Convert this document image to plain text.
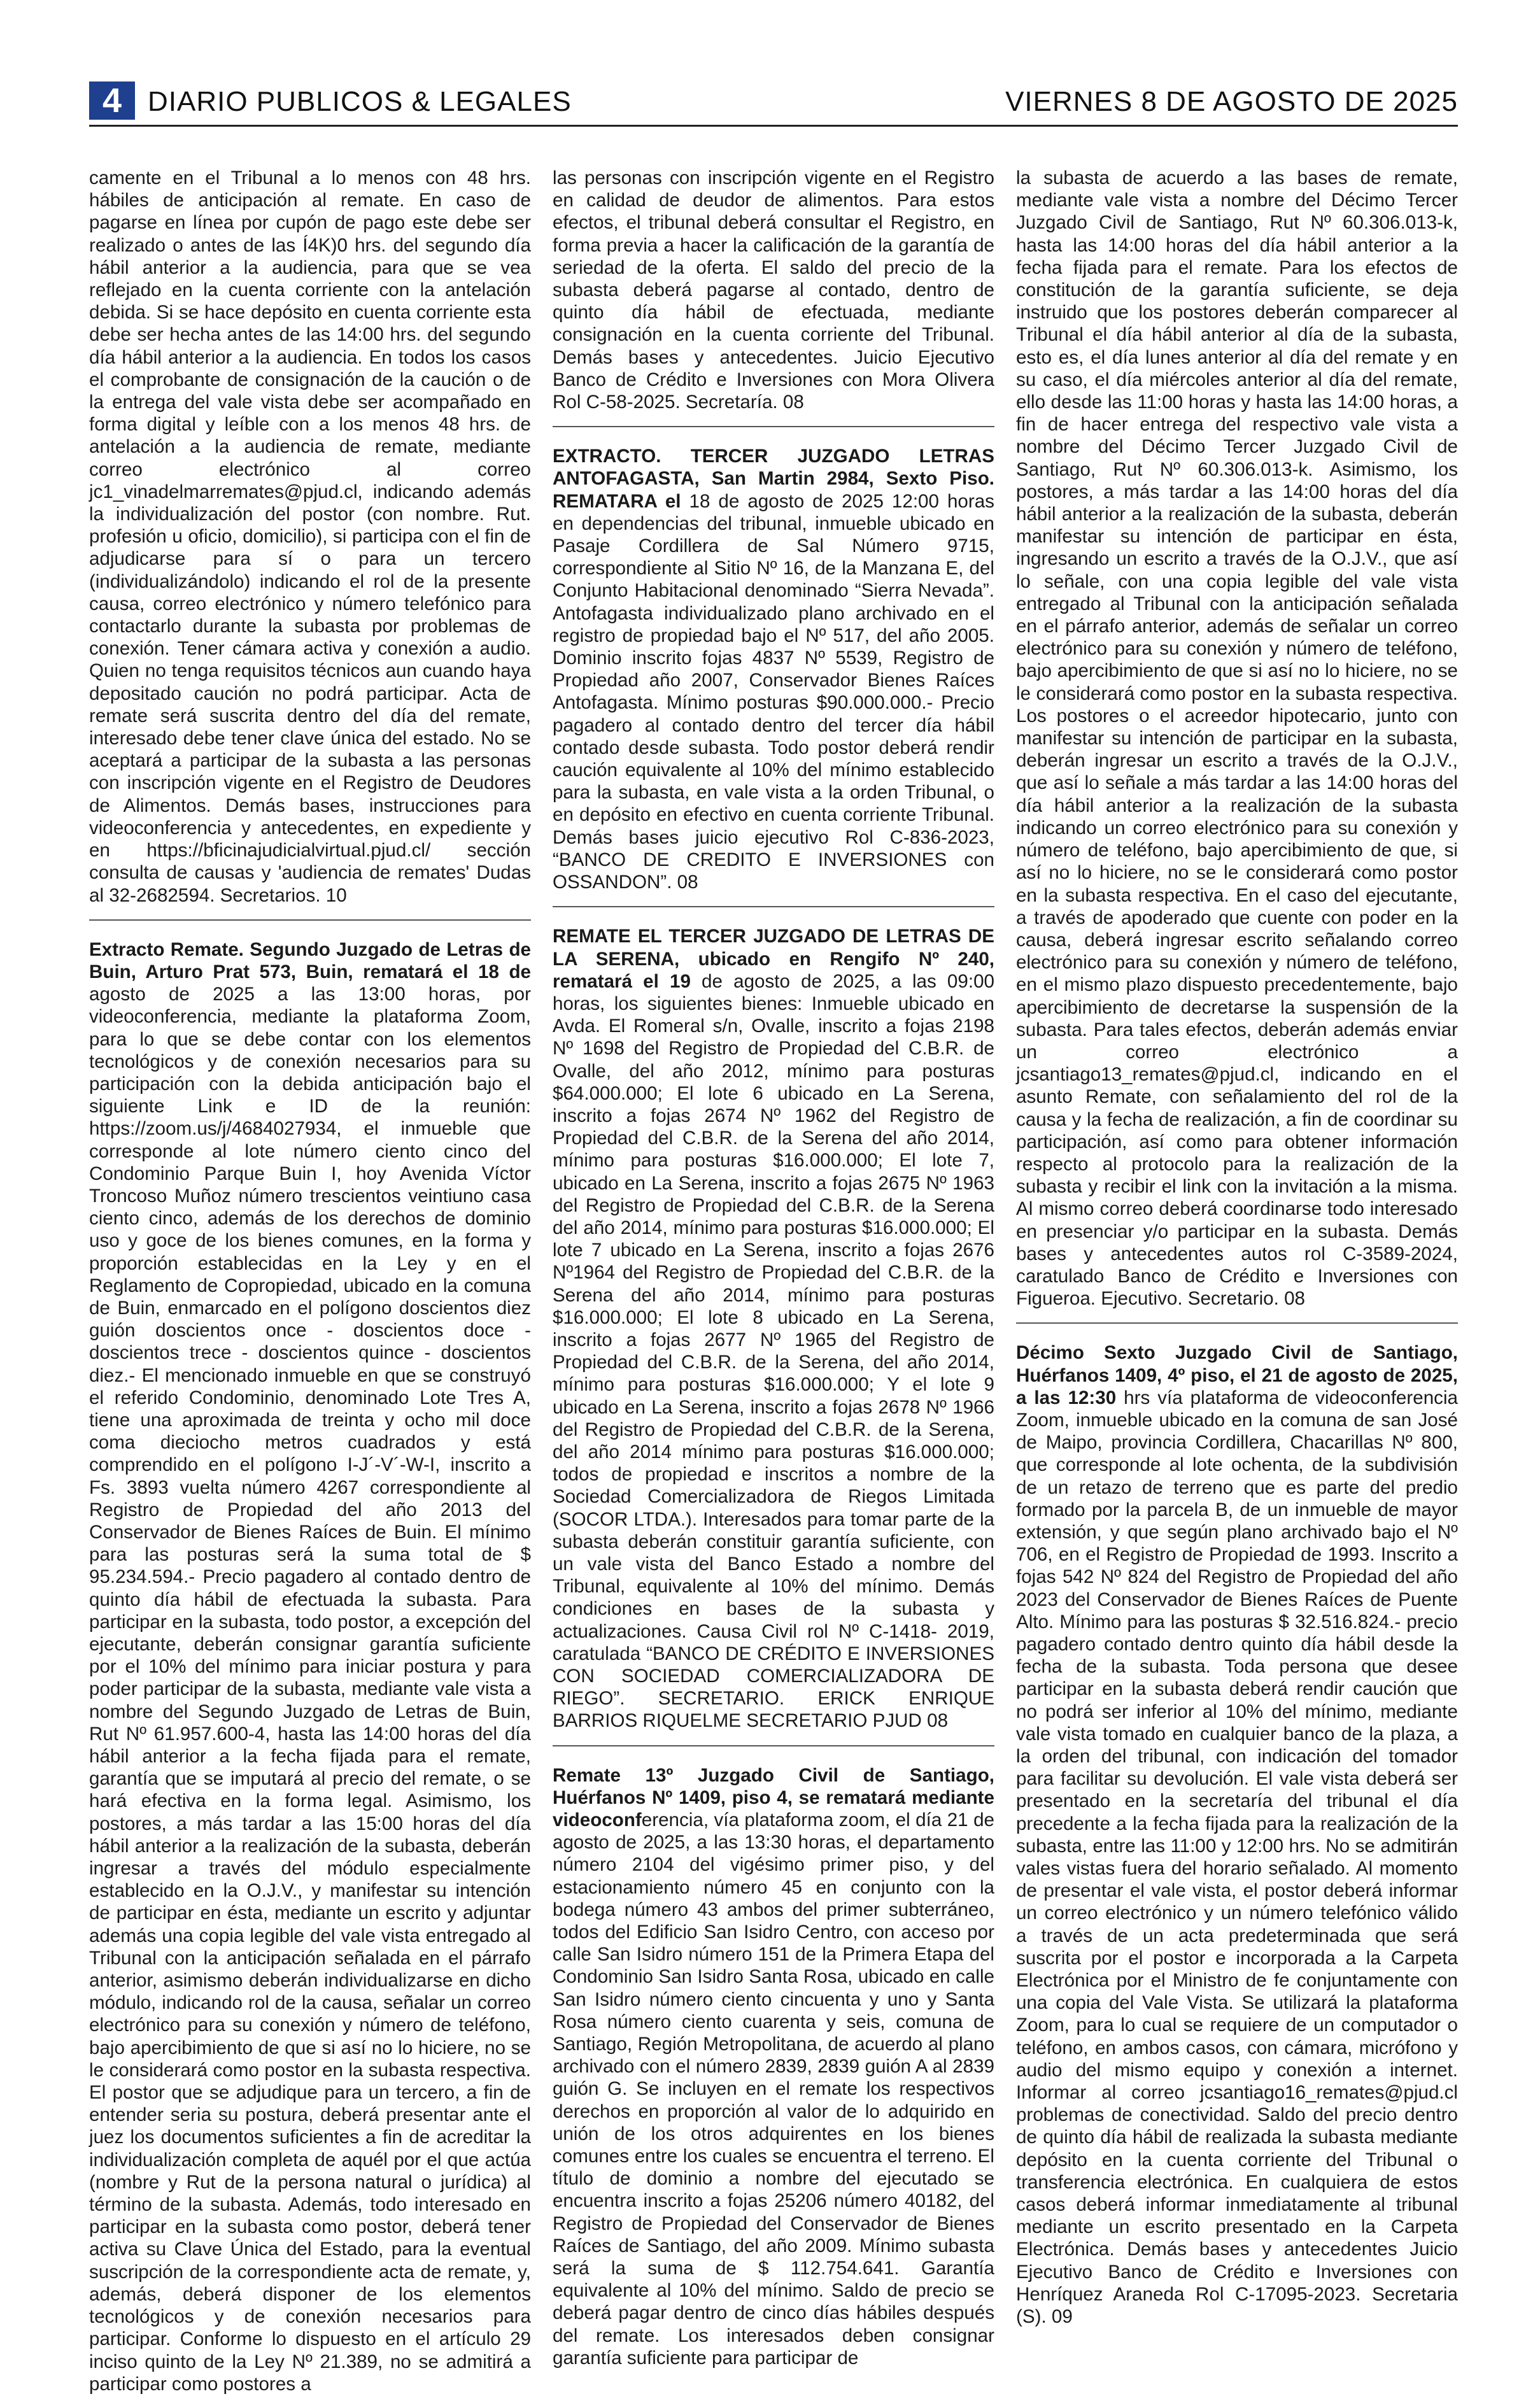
4 DIARIO PUBLICOS & LEGALES	VIERNES 8 DE AGOSTO DE 2025

camente en el Tribunal a lo menos con 48 hrs. hábiles de anticipación al remate. En caso de pagarse en línea por cupón de pago este debe ser realizado o antes de las Í4K)0 hrs. del segundo día hábil anterior a la audiencia, para que se vea reflejado en la cuenta corriente con la antelación debida. Si se hace depósito en cuenta corriente esta debe ser hecha antes de las 14:00 hrs. del segundo día hábil anterior a la audiencia. En todos los casos el comprobante de consignación de la caución o de la entrega del vale vista debe ser acompañado en forma digital y leíble con a los menos 48 hrs. de antelación a la audiencia de remate, mediante correo electrónico al correo jc1_vinadelmarremates@pjud.cl, indicando además la individualización del postor (con nombre. Rut. profesión u oficio, domicilio), si participa con el fin de adjudicarse para sí o para un tercero (individualizándolo) indicando el rol de la presente causa, correo electrónico y número telefónico para contactarlo durante la subasta por problemas de conexión. Tener cámara activa y conexión a audio. Quien no tenga requisitos técnicos aun cuando haya depositado caución no podrá participar. Acta de remate será suscrita dentro del día del remate, interesado debe tener clave única del estado. No se aceptará a participar de la subasta a las personas con inscripción vigente en el Registro de Deudores de Alimentos. Demás bases, instrucciones para videoconferencia y antecedentes, en expediente y en https://bficinajudicialvirtual.pjud.cl/ sección consulta de causas y 'audiencia de remates' Dudas al 32-2682594. Secretarios. 10

Extracto Remate. Segundo Juzgado de Letras de Buin, Arturo Prat 573, Buin, rematará el 18 de agosto de 2025 a las 13:00 horas, por videoconferencia, mediante la plataforma Zoom, para lo que se debe contar con los elementos tecnológicos y de conexión necesarios para su participación con la debida anticipación bajo el siguiente Link e ID de la reunión: https://zoom.us/j/4684027934, el inmueble que corresponde al lote número ciento cinco del Condominio Parque Buin I, hoy Avenida Víctor Troncoso Muñoz número trescientos veintiuno casa ciento cinco, además de los derechos de dominio uso y goce de los bienes comunes, en la forma y proporción establecidas en la Ley y en el Reglamento de Copropiedad, ubicado en la comuna de Buin, enmarcado en el polígono doscientos diez guión doscientos once - doscientos doce - doscientos trece - doscientos quince - doscientos diez.- El mencionado inmueble en que se construyó el referido Condominio, denominado Lote Tres A, tiene una aproximada de treinta y ocho mil doce coma dieciocho metros cuadrados y está comprendido en el polígono I-J´-V´-W-I, inscrito a Fs. 3893 vuelta número 4267 correspondiente al Registro de Propiedad del año 2013 del Conservador de Bienes Raíces de Buin. El mínimo para las posturas será la suma total de $ 95.234.594.- Precio pagadero al contado dentro de quinto día hábil de efectuada la subasta. Para participar en la subasta, todo postor, a excepción del ejecutante, deberán consignar garantía suficiente por el 10% del mínimo para iniciar postura y para poder participar de la subasta, mediante vale vista a nombre del Segundo Juzgado de Letras de Buin, Rut Nº 61.957.600-4, hasta las 14:00 horas del día hábil anterior a la fecha fijada para el remate, garantía que se imputará al precio del remate, o se hará efectiva en la forma legal. Asimismo, los postores, a más tardar a las 15:00 horas del día hábil anterior a la realización de la subasta, deberán ingresar a través del módulo especialmente establecido en la O.J.V., y manifestar su intención de participar en ésta, mediante un escrito y adjuntar además una copia legible del vale vista entregado al Tribunal con la anticipación señalada en el párrafo anterior, asimismo deberán individualizarse en dicho módulo, indicando rol de la causa, señalar un correo electrónico para su conexión y número de teléfono, bajo apercibimiento de que si así no lo hiciere, no se le considerará como postor en la subasta respectiva. El postor que se adjudique para un tercero, a fin de entender seria su postura, deberá presentar ante el juez los documentos suficientes a fin de acreditar la individualización completa de aquél por el que actúa (nombre y Rut de la persona natural o jurídica) al término de la subasta. Además, todo interesado en participar en la subasta como postor, deberá tener activa su Clave Única del Estado, para la eventual suscripción de la correspondiente acta de remate, y, además, deberá disponer de los elementos tecnológicos y de conexión necesarios para participar. Conforme lo dispuesto en el artículo 29 inciso quinto de la Ley Nº 21.389, no se admitirá a participar como postores a

las personas con inscripción vigente en el Registro en calidad de deudor de alimentos. Para estos efectos, el tribunal deberá consultar el Registro, en forma previa a hacer la calificación de la garantía de seriedad de la oferta. El saldo del precio de la subasta deberá pagarse al contado, dentro de quinto día hábil de efectuada, mediante consignación en la cuenta corriente del Tribunal. Demás bases y antecedentes. Juicio Ejecutivo Banco de Crédito e Inversiones con Mora Olivera Rol C-58-2025. Secretaría. 08

EXTRACTO. TERCER JUZGADO LETRAS ANTOFAGASTA, San Martin 2984, Sexto Piso. REMATARA el 18 de agosto de 2025 12:00 horas en dependencias del tribunal, inmueble ubicado en Pasaje Cordillera de Sal Número 9715, correspondiente al Sitio Nº 16, de la Manzana E, del Conjunto Habitacional denominado “Sierra Nevada”. Antofagasta individualizado plano archivado en el registro de propiedad bajo el Nº 517, del año 2005. Dominio inscrito fojas 4837 Nº 5539, Registro de Propiedad año 2007, Conservador Bienes Raíces Antofagasta. Mínimo posturas $90.000.000.- Precio pagadero al contado dentro del tercer día hábil contado desde subasta. Todo postor deberá rendir caución equivalente al 10% del mínimo establecido para la subasta, en vale vista a la orden Tribunal, o en depósito en efectivo en cuenta corriente Tribunal. Demás bases juicio ejecutivo Rol C-836-2023, “BANCO DE CREDITO E INVERSIONES con OSSANDON”. 08

REMATE EL TERCER JUZGADO DE LETRAS DE LA SERENA, ubicado en Rengifo Nº 240, rematará el 19 de agosto de 2025, a las 09:00 horas, los siguientes bienes: Inmueble ubicado en Avda. El Romeral s/n, Ovalle, inscrito a fojas 2198 Nº 1698 del Registro de Propiedad del C.B.R. de Ovalle, del año 2012, mínimo para posturas $64.000.000; El lote 6 ubicado en La Serena, inscrito a fojas 2674 Nº 1962 del Registro de Propiedad del C.B.R. de la Serena del año 2014, mínimo para posturas $16.000.000; El lote 7, ubicado en La Serena, inscrito a fojas 2675 Nº 1963 del Registro de Propiedad del C.B.R. de la Serena del año 2014, mínimo para posturas $16.000.000; El lote 7 ubicado en La Serena, inscrito a fojas 2676 Nº1964 del Registro de Propiedad del C.B.R. de la Serena del año 2014, mínimo para posturas $16.000.000; El lote 8 ubicado en La Serena, inscrito a fojas 2677 Nº 1965 del Registro de Propiedad del C.B.R. de la Serena, del año 2014, mínimo para posturas $16.000.000; Y el lote 9 ubicado en La Serena, inscrito a fojas 2678 Nº 1966 del Registro de Propiedad del C.B.R. de la Serena, del año 2014 mínimo para posturas $16.000.000; todos de propiedad e inscritos a nombre de la Sociedad Comercializadora de Riegos Limitada (SOCOR LTDA.). Interesados para tomar parte de la subasta deberán constituir garantía suficiente, con un vale vista del Banco Estado a nombre del Tribunal, equivalente al 10% del mínimo. Demás condiciones en bases de la subasta y actualizaciones. Causa Civil rol Nº C-1418- 2019, caratulada “BANCO DE CRÉDITO E INVERSIONES CON SOCIEDAD COMERCIALIZADORA DE RIEGO”. SECRETARIO. ERICK ENRIQUE BARRIOS RIQUELME SECRETARIO PJUD 08

Remate 13º Juzgado Civil de Santiago, Huérfanos Nº 1409, piso 4, se rematará mediante videoconferencia, vía plataforma zoom, el día 21 de agosto de 2025, a las 13:30 horas, el departamento número 2104 del vigésimo primer piso, y del estacionamiento número 45 en conjunto con la bodega número 43 ambos del primer subterráneo, todos del Edificio San Isidro Centro, con acceso por calle San Isidro número 151 de la Primera Etapa del Condominio San Isidro Santa Rosa, ubicado en calle San Isidro número ciento cincuenta y uno y Santa Rosa número ciento cuarenta y seis, comuna de Santiago, Región Metropolitana, de acuerdo al plano archivado con el número 2839, 2839 guión A al 2839 guión G. Se incluyen en el remate los respectivos derechos en proporción al valor de lo adquirido en unión de los otros adquirentes en los bienes comunes entre los cuales se encuentra el terreno. El título de dominio a nombre del ejecutado se encuentra inscrito a fojas 25206 número 40182, del Registro de Propiedad del Conservador de Bienes Raíces de Santiago, del año 2009. Mínimo subasta será la suma de $ 112.754.641. Garantía equivalente al 10% del mínimo. Saldo de precio se deberá pagar dentro de cinco días hábiles después del remate. Los interesados deben consignar garantía suficiente para participar de

la subasta de acuerdo a las bases de remate, mediante vale vista a nombre del Décimo Tercer Juzgado Civil de Santiago, Rut Nº 60.306.013-k, hasta las 14:00 horas del día hábil anterior a la fecha fijada para el remate. Para los efectos de constitución de la garantía suficiente, se deja instruido que los postores deberán comparecer al Tribunal el día hábil anterior al día de la subasta, esto es, el día lunes anterior al día del remate y en su caso, el día miércoles anterior al día del remate, ello desde las 11:00 horas y hasta las 14:00 horas, a fin de hacer entrega del respectivo vale vista a nombre del Décimo Tercer Juzgado Civil de Santiago, Rut Nº 60.306.013-k. Asimismo, los postores, a más tardar a las 14:00 horas del día hábil anterior a la realización de la subasta, deberán manifestar su intención de participar en ésta, ingresando un escrito a través de la O.J.V., que así lo señale, con una copia legible del vale vista entregado al Tribunal con la anticipación señalada en el párrafo anterior, además de señalar un correo electrónico para su conexión y número de teléfono, bajo apercibimiento de que si así no lo hiciere, no se le considerará como postor en la subasta respectiva. Los postores o el acreedor hipotecario, junto con manifestar su intención de participar en la subasta, deberán ingresar un escrito a través de la O.J.V., que así lo señale a más tardar a las 14:00 horas del día hábil anterior a la realización de la subasta indicando un correo electrónico para su conexión y número de teléfono, bajo apercibimiento de que, si así no lo hiciere, no se le considerará como postor en la subasta respectiva. En el caso del ejecutante, a través de apoderado que cuente con poder en la causa, deberá ingresar escrito señalando correo electrónico para su conexión y número de teléfono, en el mismo plazo dispuesto precedentemente, bajo apercibimiento de decretarse la suspensión de la subasta. Para tales efectos, deberán además enviar un correo electrónico a jcsantiago13_remates@pjud.cl, indicando en el asunto Remate, con señalamiento del rol de la causa y la fecha de realización, a fin de coordinar su participación, así como para obtener información respecto al protocolo para la realización de la subasta y recibir el link con la invitación a la misma. Al mismo correo deberá coordinarse todo interesado en presenciar y/o participar en la subasta. Demás bases y antecedentes autos rol C-3589-2024, caratulado Banco de Crédito e Inversiones con Figueroa. Ejecutivo. Secretario. 08

Décimo Sexto Juzgado Civil de Santiago, Huérfanos 1409, 4º piso, el 21 de agosto de 2025, a las 12:30 hrs vía plataforma de videoconferencia Zoom, inmueble ubicado en la comuna de san José de Maipo, provincia Cordillera, Chacarillas Nº 800, que corresponde al lote ochenta, de la subdivisión de un retazo de terreno que es parte del predio formado por la parcela B, de un inmueble de mayor extensión, y que según plano archivado bajo el Nº 706, en el Registro de Propiedad de 1993. Inscrito a fojas 542 Nº 824 del Registro de Propiedad del año 2023 del Conservador de Bienes Raíces de Puente Alto. Mínimo para las posturas $ 32.516.824.- precio pagadero contado dentro quinto día hábil desde la fecha de la subasta. Toda persona que desee participar en la subasta deberá rendir caución que no podrá ser inferior al 10% del mínimo, mediante vale vista tomado en cualquier banco de la plaza, a la orden del tribunal, con indicación del tomador para facilitar su devolución. El vale vista deberá ser presentado en la secretaría del tribunal el día precedente a la fecha fijada para la realización de la subasta, entre las 11:00 y 12:00 hrs. No se admitirán vales vistas fuera del horario señalado. Al momento de presentar el vale vista, el postor deberá informar un correo electrónico y un número telefónico válido a través de un acta predeterminada que será suscrita por el postor e incorporada a la Carpeta Electrónica por el Ministro de fe conjuntamente con una copia del Vale Vista. Se utilizará la plataforma Zoom, para lo cual se requiere de un computador o teléfono, en ambos casos, con cámara, micrófono y audio del mismo equipo y conexión a internet. Informar al correo jcsantiago16_remates@pjud.cl problemas de conectividad. Saldo del precio dentro de quinto día hábil de realizada la subasta mediante depósito en la cuenta corriente del Tribunal o transferencia electrónica. En cualquiera de estos casos deberá informar inmediatamente al tribunal mediante un escrito presentado en la Carpeta Electrónica. Demás bases y antecedentes Juicio Ejecutivo Banco de Crédito e Inversiones con Henríquez Araneda Rol C-17095-2023. Secretaria (S). 09
